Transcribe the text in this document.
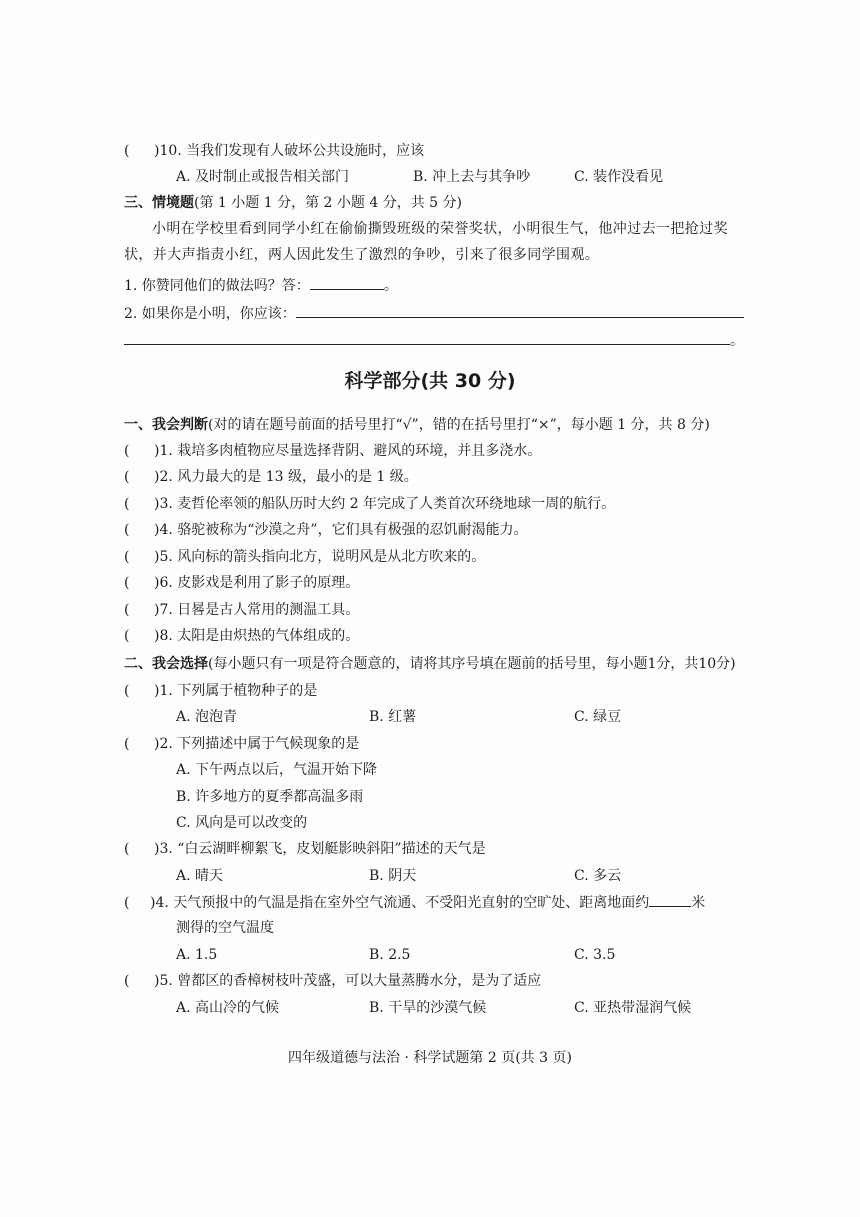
( )10. 当我们发现有人破坏公共设施时，应该
A. 及时制止或报告相关部门	B. 冲上去与其争吵	C. 装作没看见
三、情境题(第 1 小题 1 分，第 2 小题 4 分，共 5 分)
小明在学校里看到同学小红在偷偷撕毁班级的荣誉奖状，小明很生气，他冲过去一把抢过奖状，并大声指责小红，两人因此发生了激烈的争吵，引来了很多同学围观。
1. 你赞同他们的做法吗？答：	。
2. 如果你是小明，你应该：
。
科学部分(共 30 分)
一、我会判断(对的请在题号前面的括号里打“√”，错的在括号里打“×”，每小题 1 分，共 8 分)
( )1. 栽培多肉植物应尽量选择背阴、避风的环境，并且多浇水。
( )2. 风力最大的是 13 级，最小的是 1 级。
( )3. 麦哲伦率领的船队历时大约 2 年完成了人类首次环绕地球一周的航行。
( )4. 骆驼被称为“沙漠之舟”，它们具有极强的忍饥耐渴能力。
( )5. 风向标的箭头指向北方，说明风是从北方吹来的。
( )6. 皮影戏是利用了影子的原理。
( )7. 日晷是古人常用的测温工具。
( )8. 太阳是由炽热的气体组成的。
二、我会选择(每小题只有一项是符合题意的，请将其序号填在题前的括号里，每小题1分，共10分)
( )1. 下列属于植物种子的是
A. 泡泡青	B. 红薯	C. 绿豆
( )2. 下列描述中属于气候现象的是
A. 下午两点以后，气温开始下降
B. 许多地方的夏季都高温多雨
C. 风向是可以改变的
( )3. “白云湖畔柳絮飞，皮划艇影映斜阳”描述的天气是
A. 晴天	B. 阴天	C. 多云
( )4. 天气预报中的气温是指在室外空气流通、不受阳光直射的空旷处、距离地面约	米
测得的空气温度
A. 1.5	B. 2.5	C. 3.5
( )5. 曾都区的香樟树枝叶茂盛，可以大量蒸腾水分，是为了适应
A. 高山冷的气候	B. 干旱的沙漠气候	C. 亚热带湿润气候
四年级道德与法治 · 科学试题第 2 页(共 3 页)
